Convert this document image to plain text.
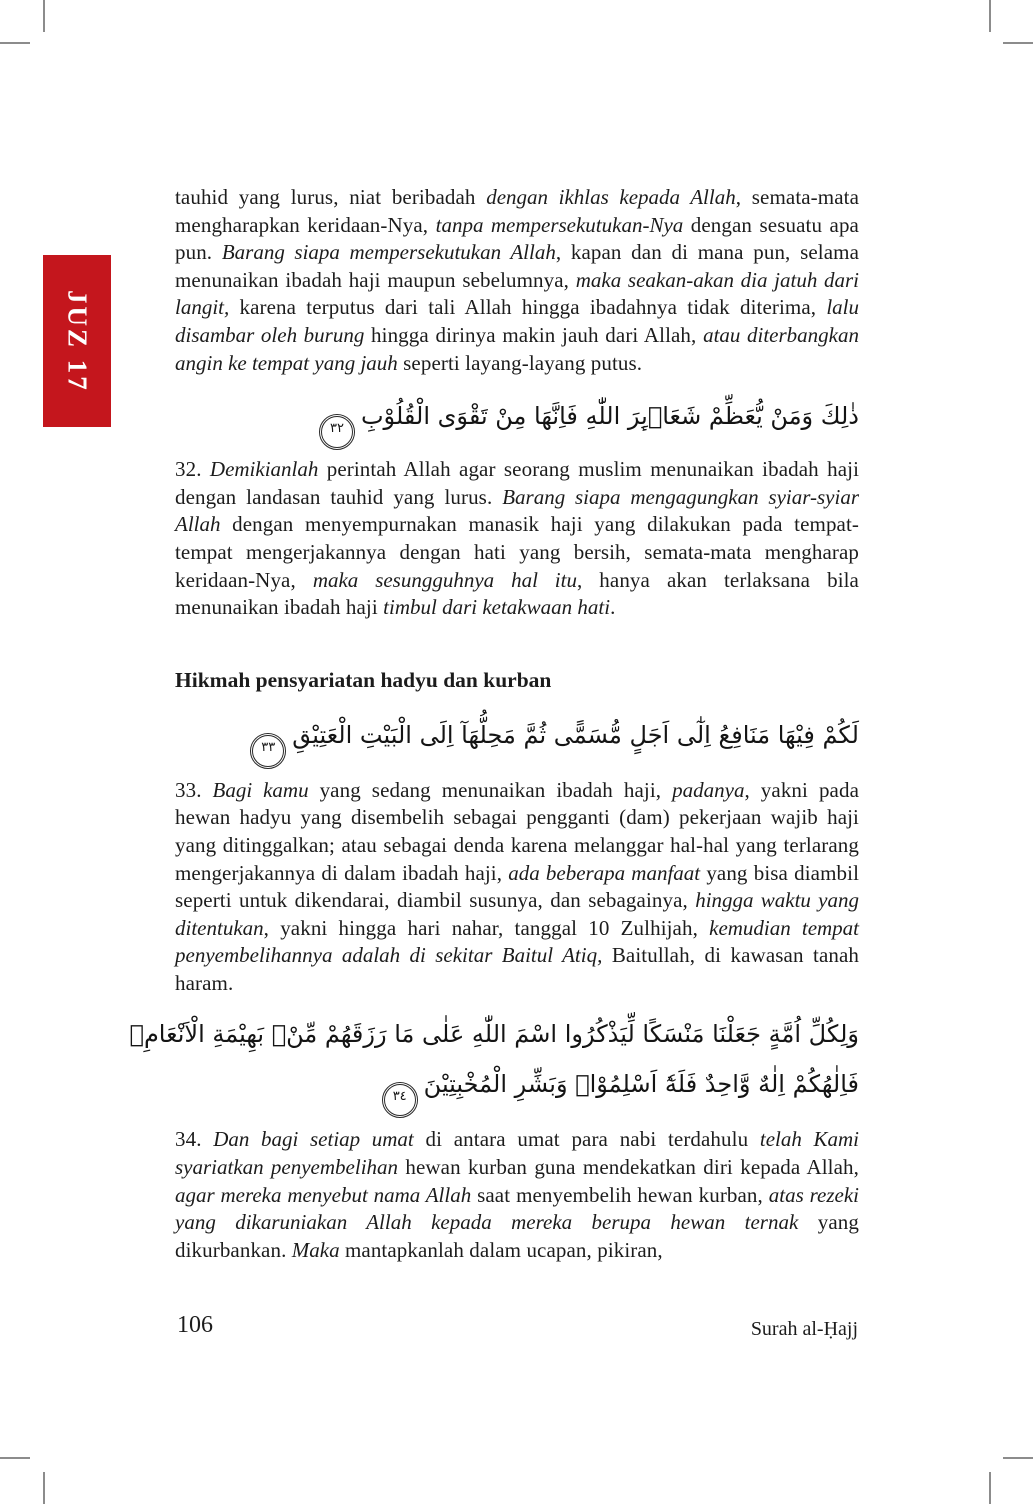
JUZ 17

tauhid yang lurus, niat beribadah dengan ikhlas kepada Allah, semata-mata mengharapkan keridaan-Nya, tanpa mempersekutukan-Nya dengan sesuatu apa pun. Barang siapa mempersekutukan Allah, kapan dan di mana pun, selama menunaikan ibadah haji maupun sebelumnya, maka seakan-akan dia jatuh dari langit, karena terputus dari tali Allah hingga ibadahnya tidak diterima, lalu disambar oleh burung hingga dirinya makin jauh dari Allah, atau diterbangkan angin ke tempat yang jauh seperti layang-layang putus.

ذٰلِكَ وَمَنْ يُّعَظِّمْ شَعَاۤىِٕرَ اللّٰهِ فَاِنَّهَا مِنْ تَقْوَى الْقُلُوْبِ٣٢

32. Demikianlah perintah Allah agar seorang muslim menunaikan ibadah haji dengan landasan tauhid yang lurus. Barang siapa mengagungkan syiar-syiar Allah dengan menyempurnakan manasik haji yang dilakukan pada tempat-tempat mengerjakannya dengan hati yang bersih, semata-mata mengharap keridaan-Nya, maka sesungguhnya hal itu, hanya akan terlaksana bila menunaikan ibadah haji timbul dari ketakwaan hati.

Hikmah pensyariatan hadyu dan kurban
لَكُمْ فِيْهَا مَنَافِعُ اِلٰٓى اَجَلٍ مُّسَمًّى ثُمَّ مَحِلُّهَآ اِلَى الْبَيْتِ الْعَتِيْقِ٣٣

33. Bagi kamu yang sedang menunaikan ibadah haji, padanya, yakni pada hewan hadyu yang disembelih sebagai pengganti (dam) pekerjaan wajib haji yang ditinggalkan; atau sebagai denda karena melanggar hal-hal yang terlarang mengerjakannya di dalam ibadah haji, ada beberapa manfaat yang bisa diambil seperti untuk dikendarai, diambil susunya, dan sebagainya, hingga waktu yang ditentukan, yakni hingga hari nahar, tanggal 10 Zulhijah, kemudian tempat penyembelihannya adalah di sekitar Baitul Atiq, Baitullah, di kawasan tanah haram.

وَلِكُلِّ اُمَّةٍ جَعَلْنَا مَنْسَكًا لِّيَذْكُرُوا اسْمَ اللّٰهِ عَلٰى مَا رَزَقَهُمْ مِّنْۢ بَهِيْمَةِ الْاَنْعَامِۗ
فَاِلٰهُكُمْ اِلٰهٌ وَّاحِدٌ فَلَهٗٓ اَسْلِمُوْاۗ وَبَشِّرِ الْمُخْبِتِيْنَ٣٤

34. Dan bagi setiap umat di antara umat para nabi terdahulu telah Kami syariatkan penyembelihan hewan kurban guna mendekatkan diri kepada Allah, agar mereka menyebut nama Allah saat menyembelih hewan kurban, atas rezeki yang dikaruniakan Allah kepada mereka berupa hewan ternak yang dikurbankan. Maka mantapkanlah dalam ucapan, pikiran,

106	Surah al-Ḥajj
